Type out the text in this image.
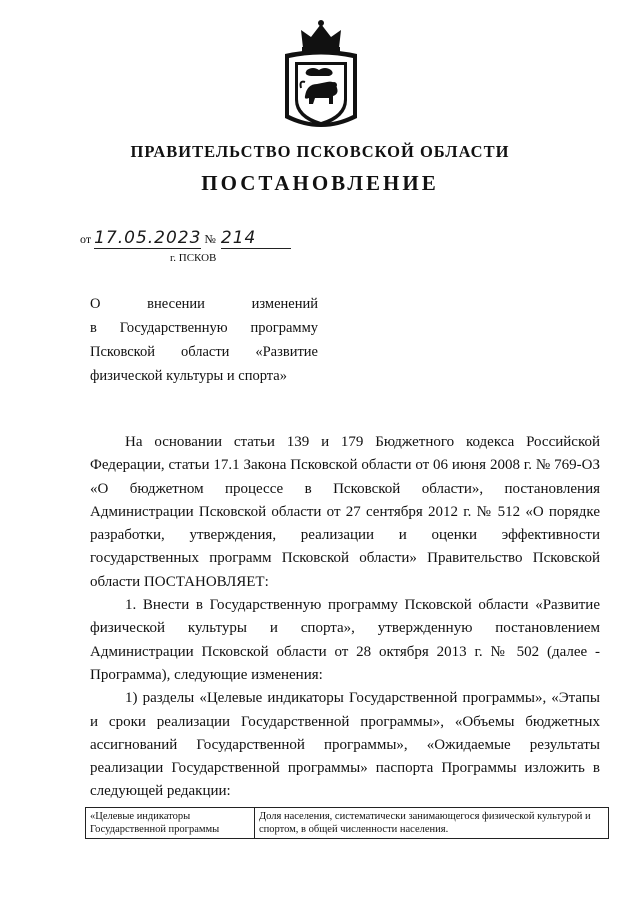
ПРАВИТЕЛЬСТВО ПСКОВСКОЙ ОБЛАСТИ
ПОСТАНОВЛЕНИЕ
от 17.05.2023 № 214
г. ПСКОВ
О внесении изменений
в Государственную программу
Псковской области «Развитие
физической культуры и спорта»

На основании статьи 139 и 179 Бюджетного кодекса Российской Федерации, статьи 17.1 Закона Псковской области от 06 июня 2008 г. № 769-ОЗ «О бюджетном процессе в Псковской области», постановления Администрации Псковской области от 27 сентября 2012 г. № 512 «О порядке разработки, утверждения, реализации и оценки эффективности государственных программ Псковской области» Правительство Псковской области ПОСТАНОВЛЯЕТ:

1. Внести в Государственную программу Псковской области «Развитие физической культуры и спорта», утвержденную постановлением Администрации Псковской области от 28 октября 2013 г. № 502 (далее - Программа), следующие изменения:

1) разделы «Целевые индикаторы Государственной программы», «Этапы и сроки реализации Государственной программы», «Объемы бюджетных ассигнований Государственной программы», «Ожидаемые результаты реализации Государственной программы» паспорта Программы изложить в следующей редакции:

«Целевые индикаторы Государственной программы	Доля населения, систематически занимающегося физической культурой и спортом, в общей численности населения.
